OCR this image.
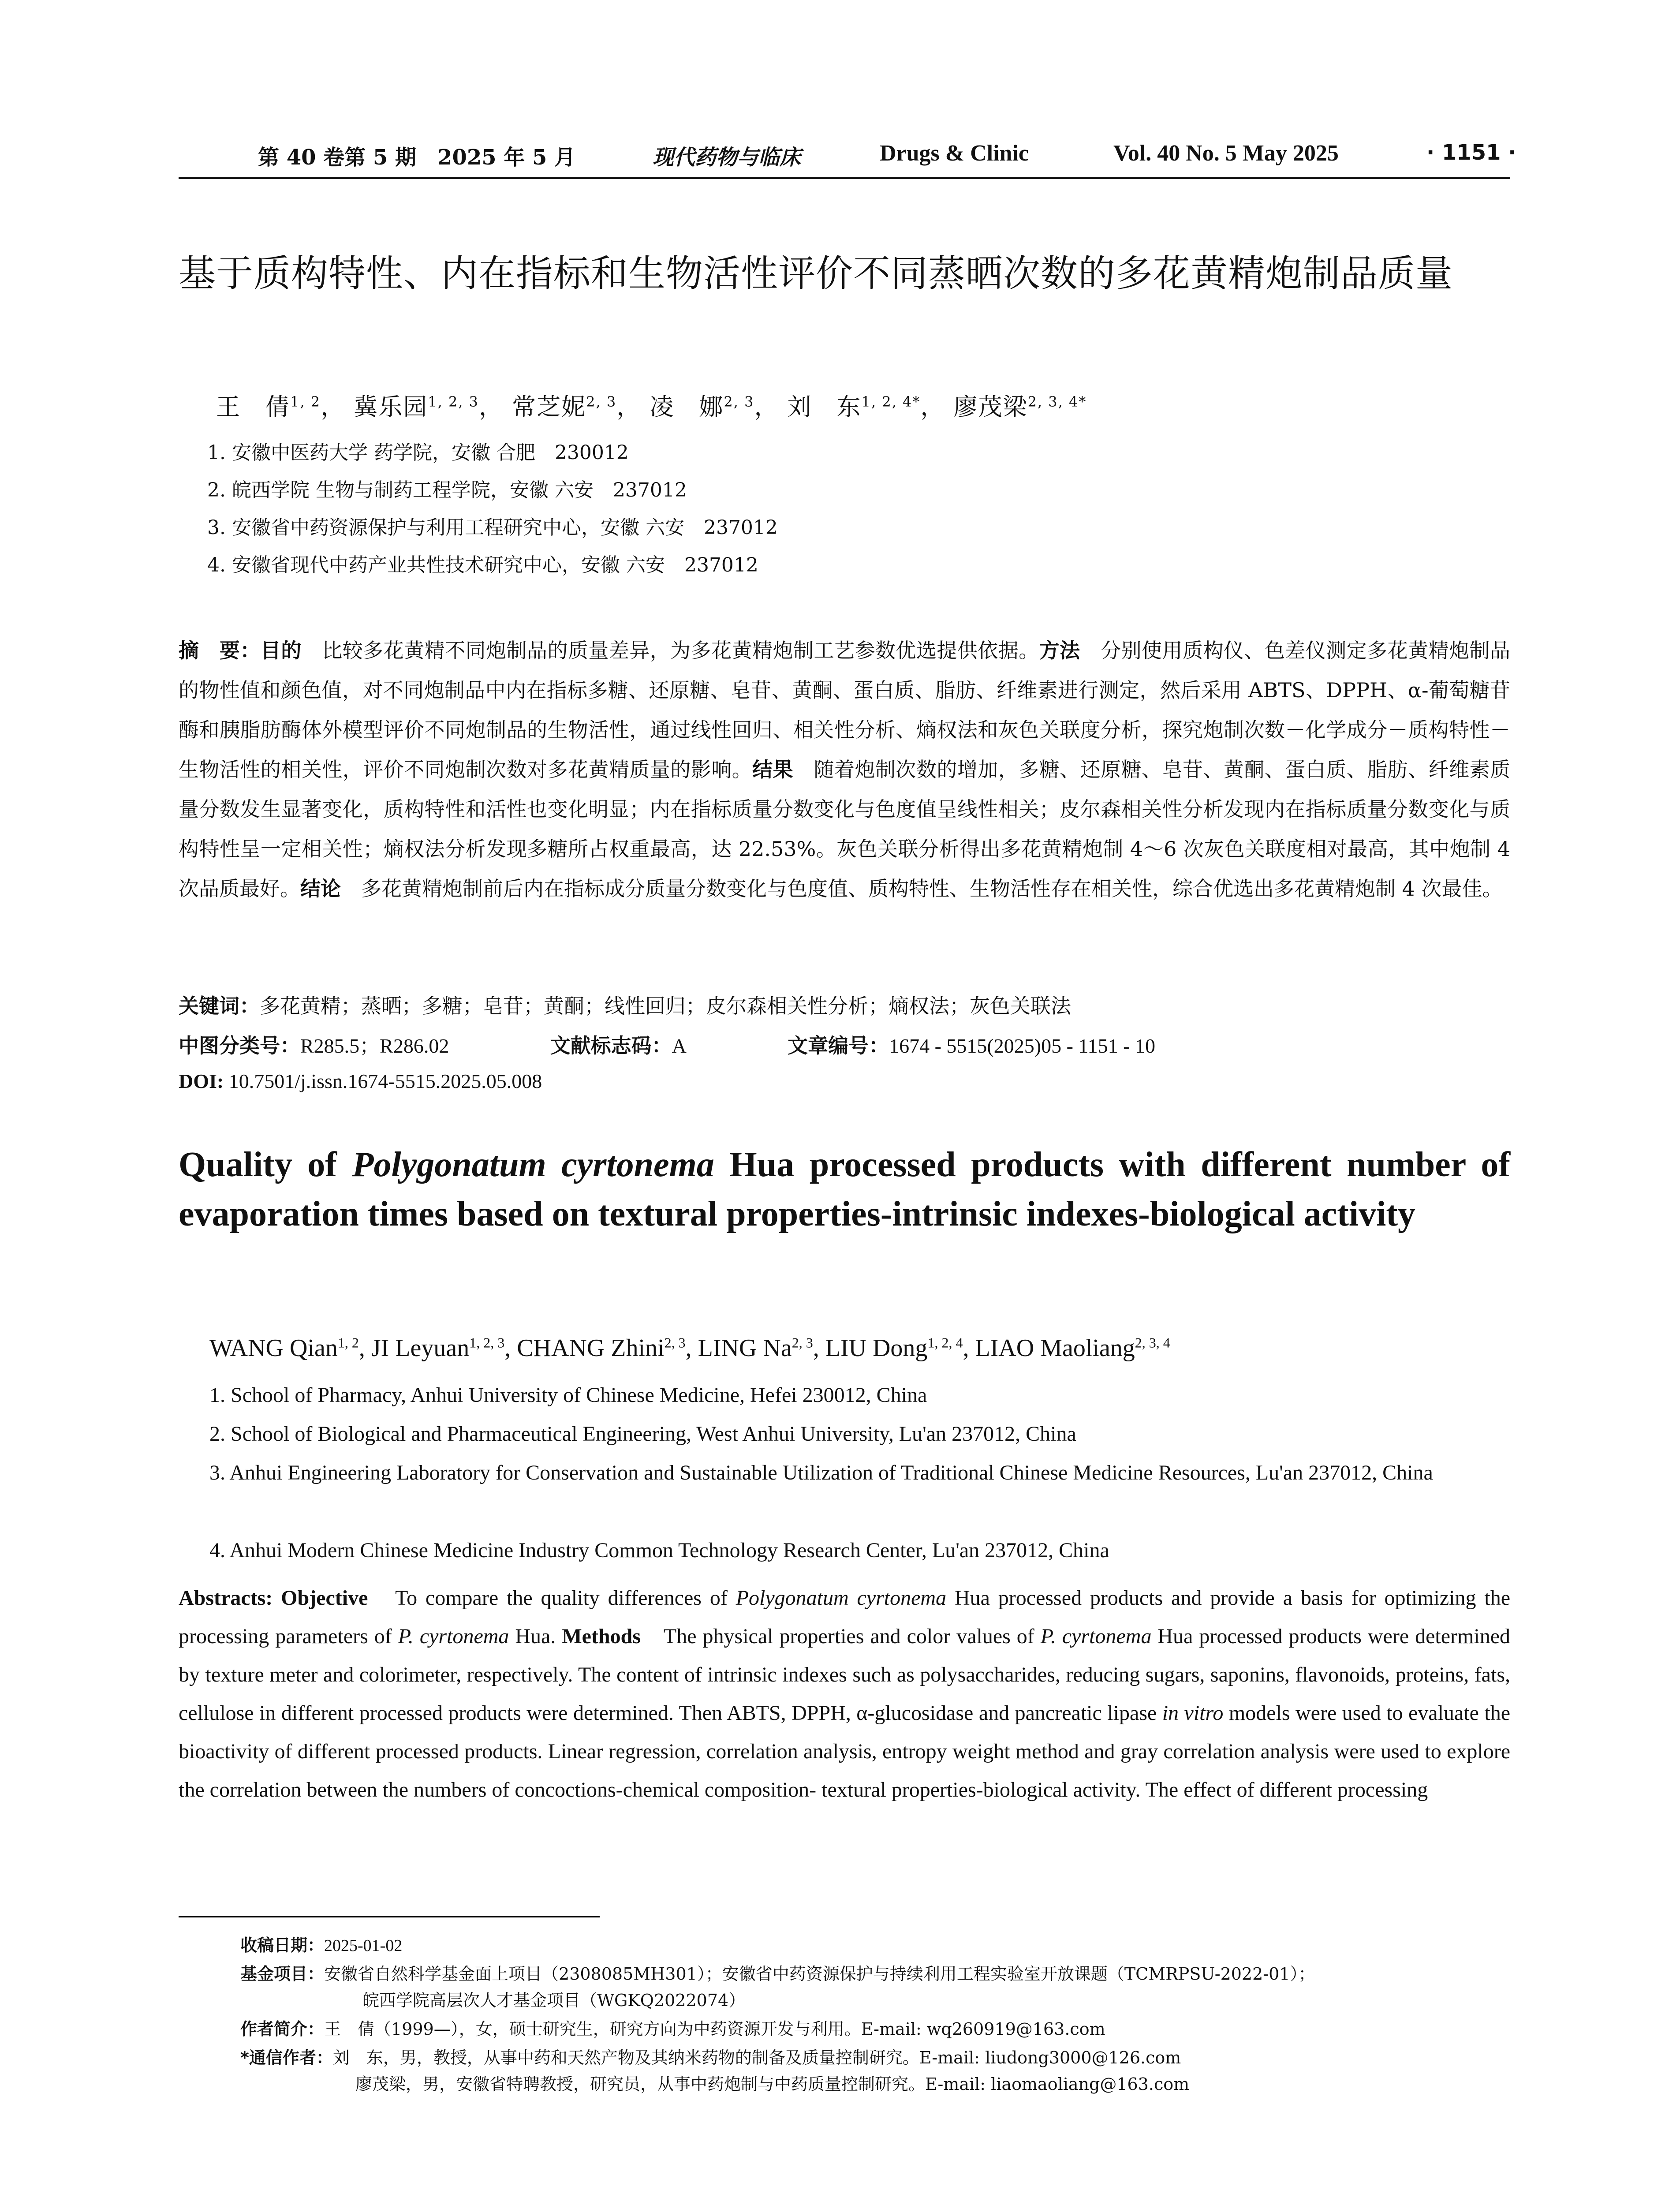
第 40 卷第 5 期　2025 年 5 月	现代药物与临床	Drugs & Clinic	Vol. 40 No. 5 May 2025	· 1151 ·
基于质构特性、内在指标和生物活性评价不同蒸晒次数的多花黄精炮制品质量
王　倩$^{1, 2}$， 冀乐园$^{1, 2, 3}$， 常芝妮$^{2, 3}$， 凌　娜$^{2, 3}$， 刘　东$^{1, 2, 4*}$， 廖茂梁$^{2, 3, 4*}$
1. 安徽中医药大学 药学院，安徽 合肥　230012
2. 皖西学院 生物与制药工程学院，安徽 六安　237012
3. 安徽省中药资源保护与利用工程研究中心，安徽 六安　237012
4. 安徽省现代中药产业共性技术研究中心，安徽 六安　237012
摘　要：目的　比较多花黄精不同炮制品的质量差异，为多花黄精炮制工艺参数优选提供依据。方法　分别使用质构仪、色差仪测定多花黄精炮制品的物性值和颜色值，对不同炮制品中内在指标多糖、还原糖、皂苷、黄酮、蛋白质、脂肪、纤维素进行测定，然后采用 ABTS、DPPH、α-葡萄糖苷酶和胰脂肪酶体外模型评价不同炮制品的生物活性，通过线性回归、相关性分析、熵权法和灰色关联度分析，探究炮制次数－化学成分－质构特性－生物活性的相关性，评价不同炮制次数对多花黄精质量的影响。结果　随着炮制次数的增加，多糖、还原糖、皂苷、黄酮、蛋白质、脂肪、纤维素质量分数发生显著变化，质构特性和活性也变化明显；内在指标质量分数变化与色度值呈线性相关；皮尔森相关性分析发现内在指标质量分数变化与质构特性呈一定相关性；熵权法分析发现多糖所占权重最高，达 22.53%。灰色关联分析得出多花黄精炮制 4～6 次灰色关联度相对最高，其中炮制 4 次品质最好。结论　多花黄精炮制前后内在指标成分质量分数变化与色度值、质构特性、生物活性存在相关性，综合优选出多花黄精炮制 4 次最佳。
关键词：多花黄精；蒸晒；多糖；皂苷；黄酮；线性回归；皮尔森相关性分析；熵权法；灰色关联法
中图分类号：R285.5；R286.02	文献标志码：A	文章编号：1674 - 5515(2025)05 - 1151 - 10
DOI: 10.7501/j.issn.1674-5515.2025.05.008
Quality of Polygonatum cyrtonema Hua processed products with different number of evaporation times based on textural properties-intrinsic indexes-biological activity
WANG Qian$^{1, 2}$, JI Leyuan$^{1, 2, 3}$, CHANG Zhini$^{2, 3}$, LING Na$^{2, 3}$, LIU Dong$^{1, 2, 4}$, LIAO Maoliang$^{2, 3, 4}$
1. School of Pharmacy, Anhui University of Chinese Medicine, Hefei 230012, China
2. School of Biological and Pharmaceutical Engineering, West Anhui University, Lu'an 237012, China
3. Anhui Engineering Laboratory for Conservation and Sustainable Utilization of Traditional Chinese Medicine Resources, Lu'an 237012, China
4. Anhui Modern Chinese Medicine Industry Common Technology Research Center, Lu'an 237012, China
Abstracts: Objective　To compare the quality differences of Polygonatum cyrtonema Hua processed products and provide a basis for optimizing the processing parameters of P. cyrtonema Hua. Methods　The physical properties and color values of P. cyrtonema Hua processed products were determined by texture meter and colorimeter, respectively. The content of intrinsic indexes such as polysaccharides, reducing sugars, saponins, flavonoids, proteins, fats, cellulose in different processed products were determined. Then ABTS, DPPH, α-glucosidase and pancreatic lipase in vitro models were used to evaluate the bioactivity of different processed products. Linear regression, correlation analysis, entropy weight method and gray correlation analysis were used to explore the correlation between the numbers of concoctions-chemical composition- textural properties-biological activity. The effect of different processing
收稿日期：2025-01-02
基金项目：安徽省自然科学基金面上项目（2308085MH301）；安徽省中药资源保护与持续利用工程实验室开放课题（TCMRPSU-2022-01）；
皖西学院高层次人才基金项目（WGKQ2022074）
作者简介：王　倩（1999—），女，硕士研究生，研究方向为中药资源开发与利用。E-mail: wq260919@163.com
*通信作者：刘　东，男，教授，从事中药和天然产物及其纳米药物的制备及质量控制研究。E-mail: liudong3000@126.com
廖茂梁，男，安徽省特聘教授，研究员，从事中药炮制与中药质量控制研究。E-mail: liaomaoliang@163.com
